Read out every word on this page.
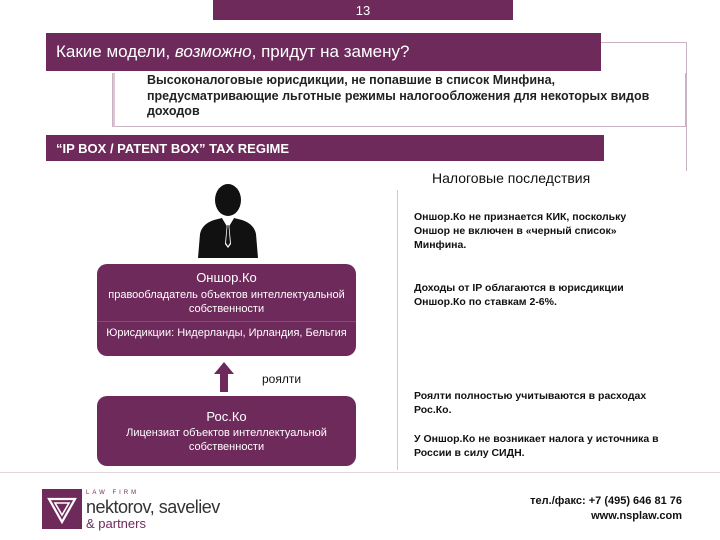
13
Какие модели, возможно, придут на замену?
Высоконалоговые юрисдикции, не попавшие в список Минфина, предусматривающие льготные режимы налогообложения для некоторых видов доходов
“IP BOX / PATENT BOX” TAX REGIME
Налоговые последствия
Оншор.Ко
правообладатель объектов интеллектуальной собственности
Юрисдикции: Нидерланды, Ирландия, Бельгия
роялти
Рос.Ко
Лицензиат объектов интеллектуальной собственности
Оншор.Ко не признается КИК, поскольку Оншор не включен в «черный список» Минфина.
Доходы от IP облагаются в юрисдикции Оншор.Ко по ставкам 2-6%.
Роялти полностью учитываются в расходах Рос.Ко.
У Оншор.Ко не возникает налога у источника в России в силу СИДН.
LAW FIRM
nektorov, saveliev
& partners
тел./факс: +7 (495) 646 81 76
www.nsplaw.com
